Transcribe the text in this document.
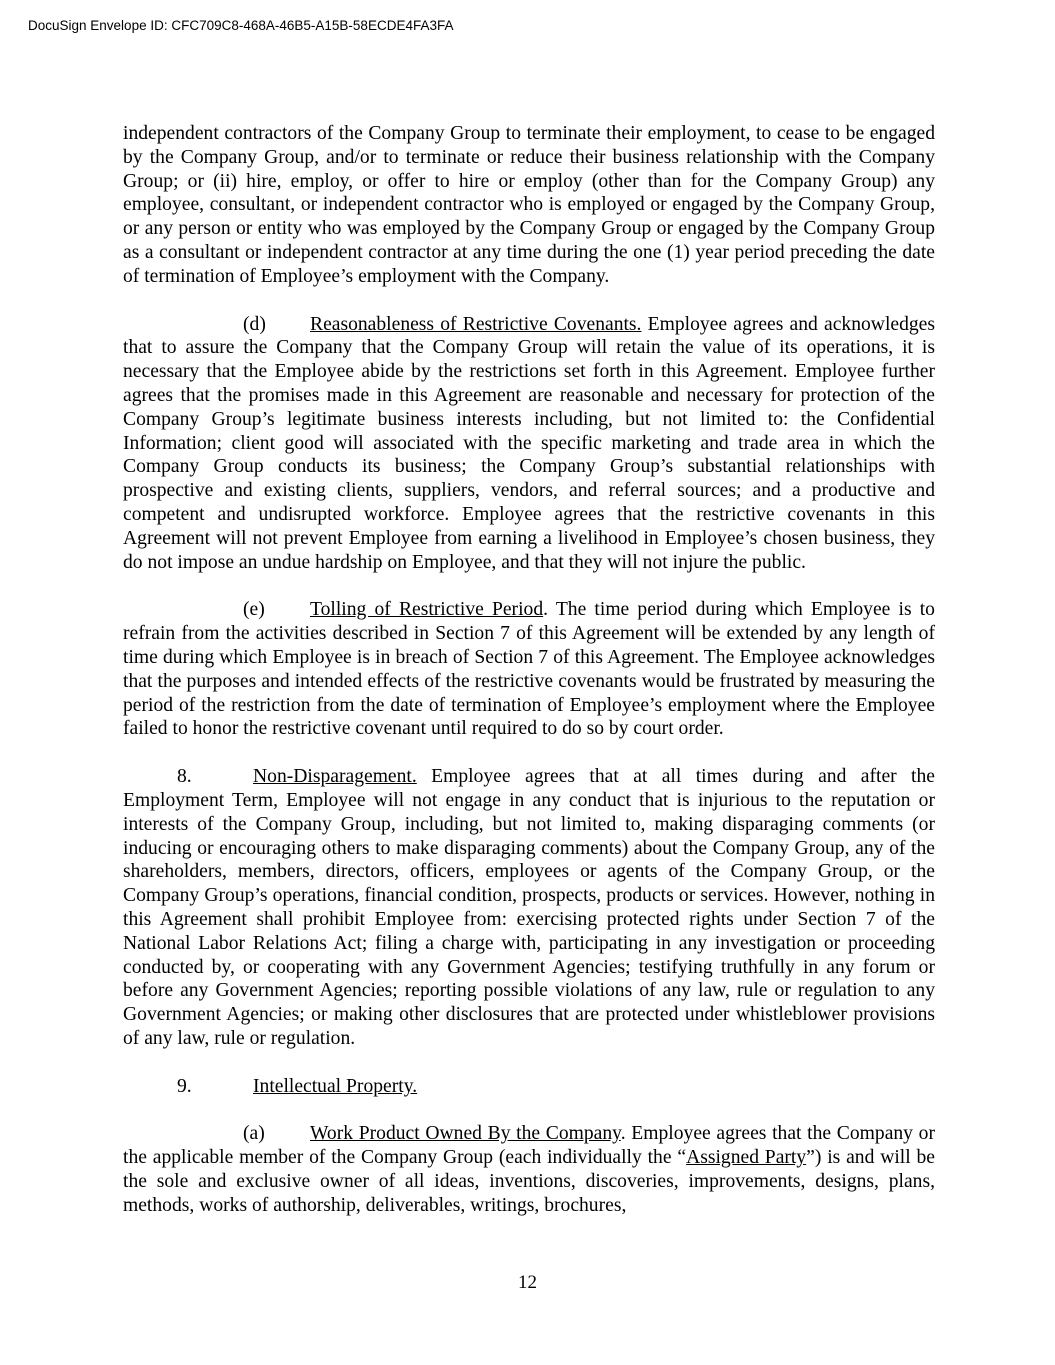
DocuSign Envelope ID: CFC709C8-468A-46B5-A15B-58ECDE4FA3FA

independent contractors of the Company Group to terminate their employment, to cease to be engaged by the Company Group, and/or to terminate or reduce their business relationship with the Company Group; or (ii) hire, employ, or offer to hire or employ (other than for the Company Group) any employee, consultant, or independent contractor who is employed or engaged by the Company Group, or any person or entity who was employed by the Company Group or engaged by the Company Group as a consultant or independent contractor at any time during the one (1) year period preceding the date of termination of Employee’s employment with the Company.

(d) Reasonableness of Restrictive Covenants. Employee agrees and acknowledges that to assure the Company that the Company Group will retain the value of its operations, it is necessary that the Employee abide by the restrictions set forth in this Agreement. Employee further agrees that the promises made in this Agreement are reasonable and necessary for protection of the Company Group’s legitimate business interests including, but not limited to: the Confidential Information; client good will associated with the specific marketing and trade area in which the Company Group conducts its business; the Company Group’s substantial relationships with prospective and existing clients, suppliers, vendors, and referral sources; and a productive and competent and undisrupted workforce. Employee agrees that the restrictive covenants in this Agreement will not prevent Employee from earning a livelihood in Employee’s chosen business, they do not impose an undue hardship on Employee, and that they will not injure the public.

(e) Tolling of Restrictive Period. The time period during which Employee is to refrain from the activities described in Section 7 of this Agreement will be extended by any length of time during which Employee is in breach of Section 7 of this Agreement. The Employee acknowledges that the purposes and intended effects of the restrictive covenants would be frustrated by measuring the period of the restriction from the date of termination of Employee’s employment where the Employee failed to honor the restrictive covenant until required to do so by court order.

8.	Non-Disparagement. Employee agrees that at all times during and after the Employment Term, Employee will not engage in any conduct that is injurious to the reputation or interests of the Company Group, including, but not limited to, making disparaging comments (or inducing or encouraging others to make disparaging comments) about the Company Group, any of the shareholders, members, directors, officers, employees or agents of the Company Group, or the Company Group’s operations, financial condition, prospects, products or services. However, nothing in this Agreement shall prohibit Employee from: exercising protected rights under Section 7 of the National Labor Relations Act; filing a charge with, participating in any investigation or proceeding conducted by, or cooperating with any Government Agencies; testifying truthfully in any forum or before any Government Agencies; reporting possible violations of any law, rule or regulation to any Government Agencies; or making other disclosures that are protected under whistleblower provisions of any law, rule or regulation.

9.	Intellectual Property.

(a) Work Product Owned By the Company. Employee agrees that the Company or the applicable member of the Company Group (each individually the “Assigned Party”) is and will be the sole and exclusive owner of all ideas, inventions, discoveries, improvements, designs, plans, methods, works of authorship, deliverables, writings, brochures,

12
